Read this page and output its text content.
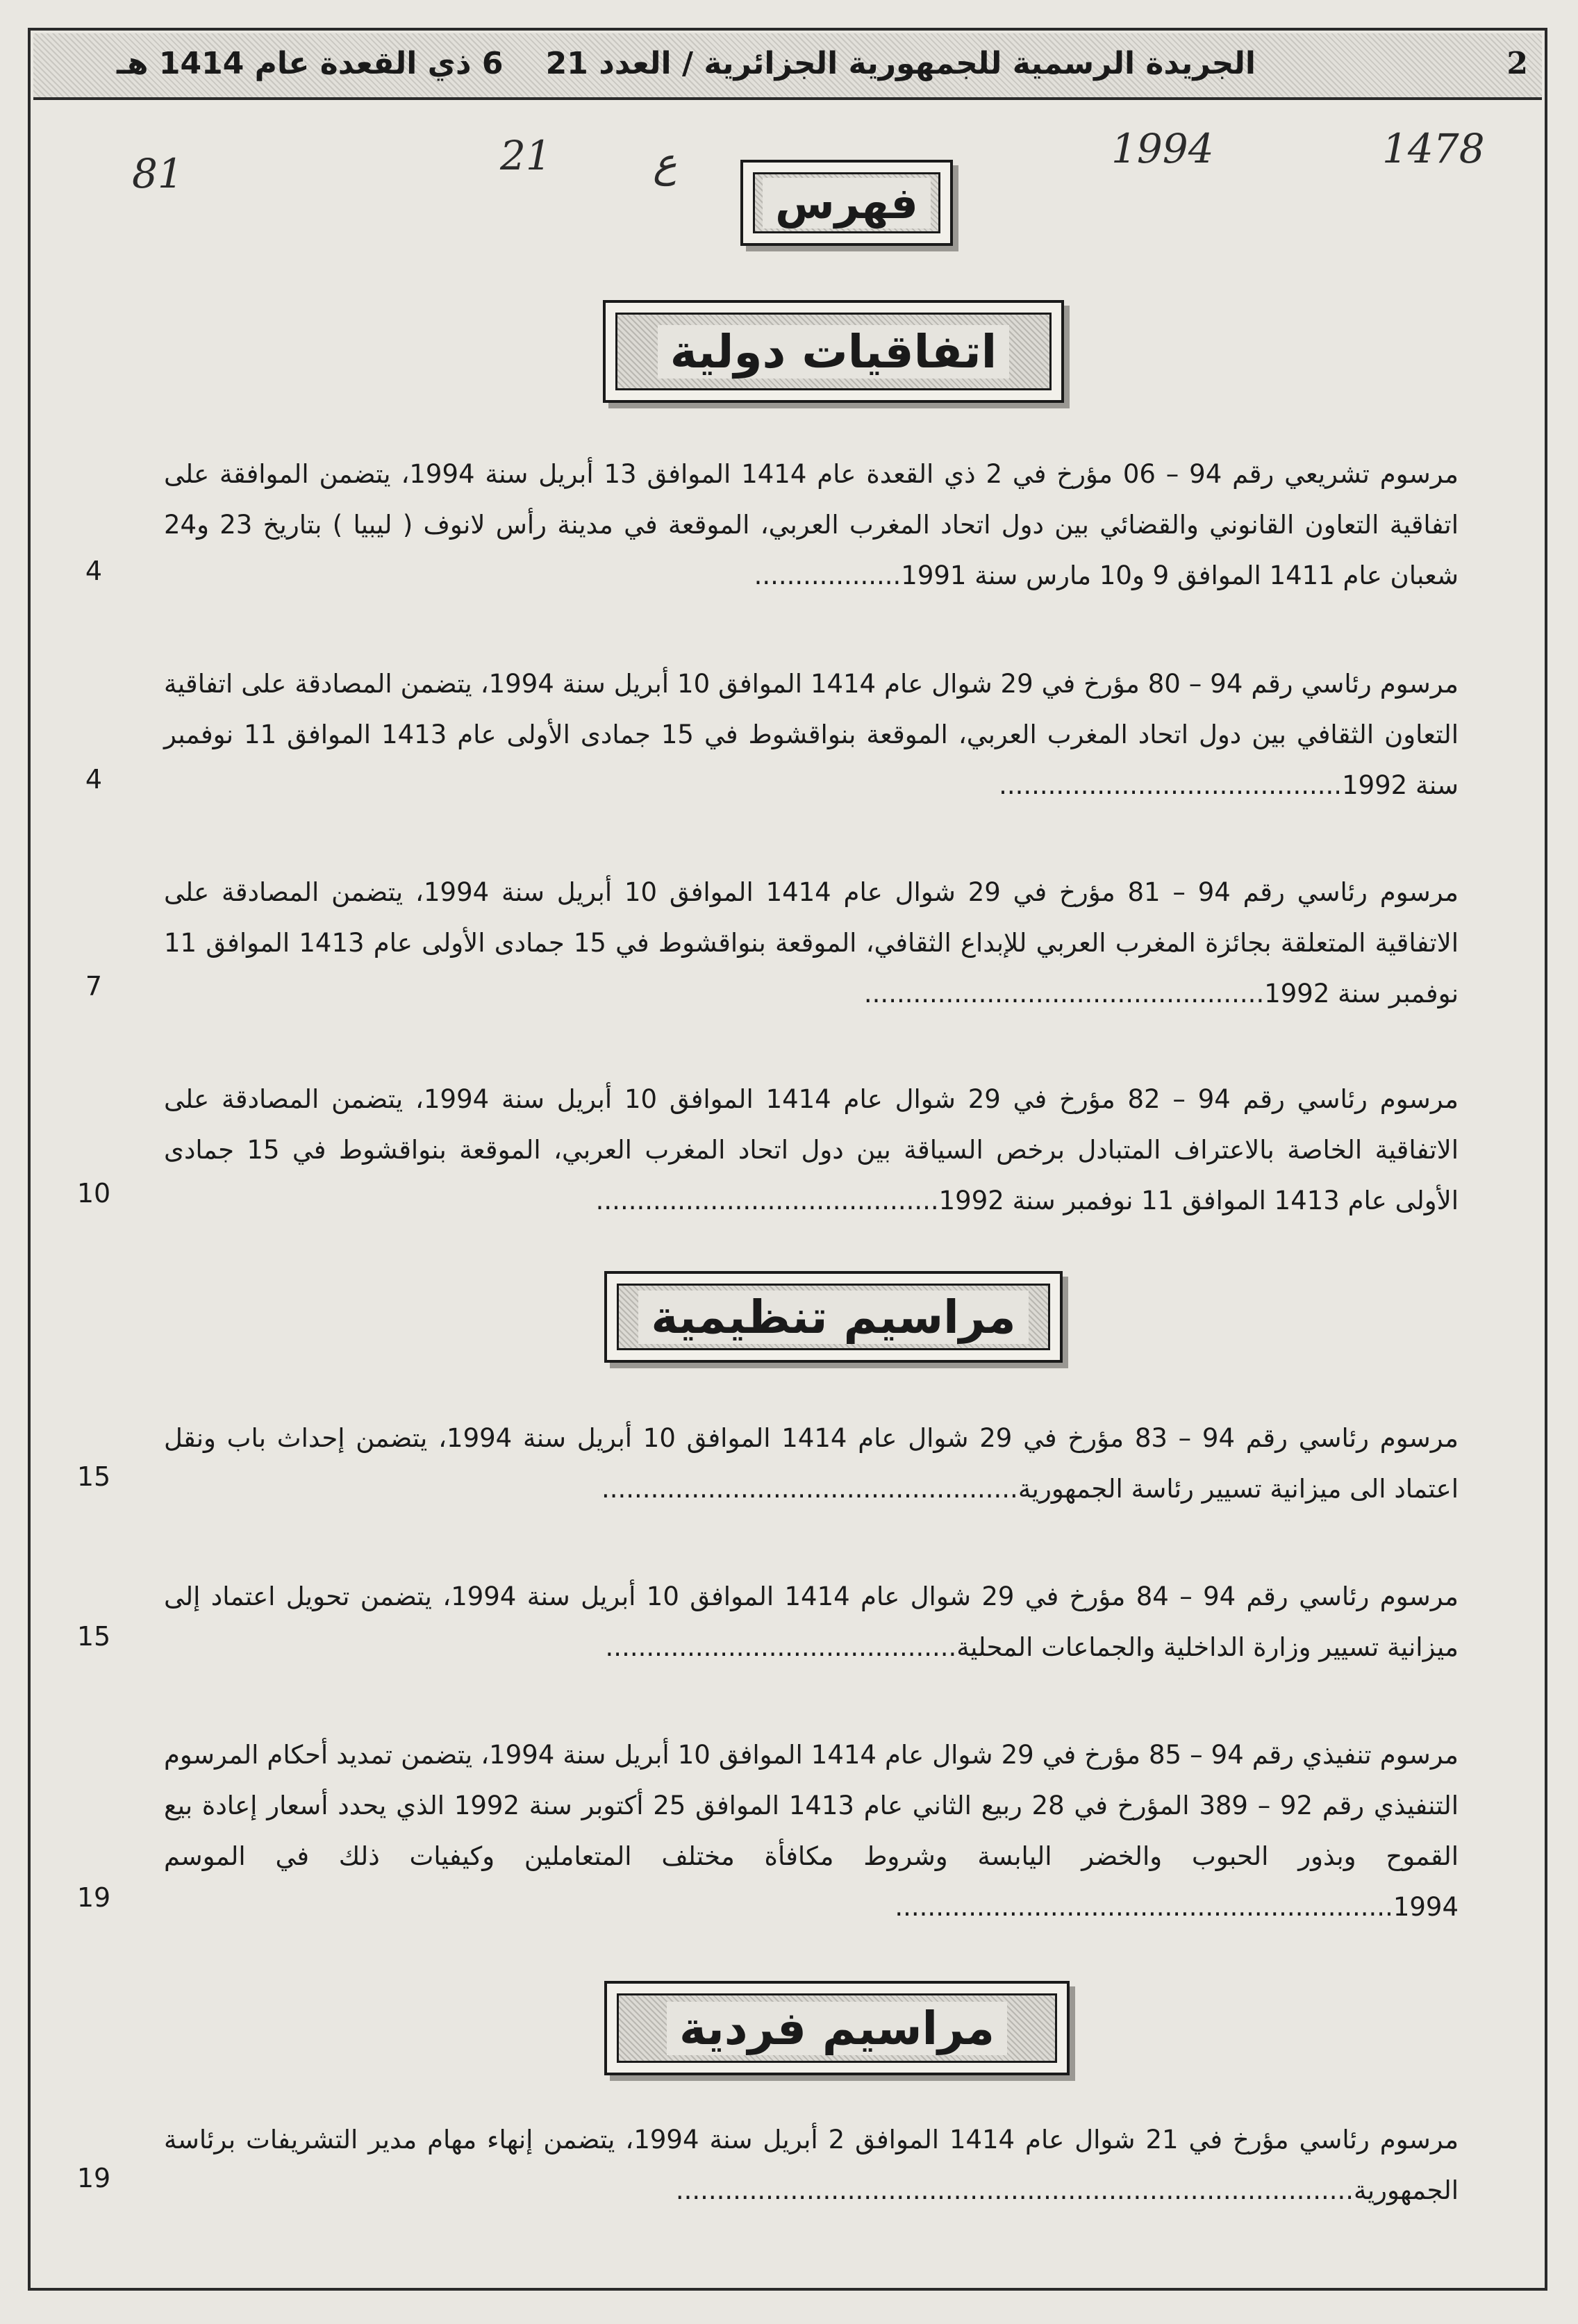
2
الجريدة الرسمية للجمهورية الجزائرية / العدد 21
6 ذي القعدة عام 1414 هـ
1478
1994
ع
21
81
فهرس
اتفاقيات دولية
مرسوم تشريعي رقم 94 – 06 مؤرخ في 2 ذي القعدة عام 1414 الموافق 13 أبريل سنة 1994، يتضمن الموافقة على اتفاقية التعاون القانوني والقضائي بين دول اتحاد المغرب العربي، الموقعة في مدينة رأس لانوف ( ليبيا ) بتاريخ 23 و24 شعبان عام 1411 الموافق 9 و10 مارس سنة 1991..................
4
مرسوم رئاسي رقم 94 – 80 مؤرخ في 29 شوال عام 1414 الموافق 10 أبريل سنة 1994، يتضمن المصادقة على اتفاقية التعاون الثقافي بين دول اتحاد المغرب العربي، الموقعة بنواقشوط في 15 جمادى الأولى عام 1413 الموافق 11 نوفمبر سنة 1992..........................................
4
مرسوم رئاسي رقم 94 – 81 مؤرخ في 29 شوال عام 1414 الموافق 10 أبريل سنة 1994، يتضمن المصادقة على الاتفاقية المتعلقة بجائزة المغرب العربي للإبداع الثقافي، الموقعة بنواقشوط في 15 جمادى الأولى عام 1413 الموافق 11 نوفمبر سنة 1992.................................................
7
مرسوم رئاسي رقم 94 – 82 مؤرخ في 29 شوال عام 1414 الموافق 10 أبريل سنة 1994، يتضمن المصادقة على الاتفاقية الخاصة بالاعتراف المتبادل برخص السياقة بين دول اتحاد المغرب العربي، الموقعة بنواقشوط في 15 جمادى الأولى عام 1413 الموافق 11 نوفمبر سنة 1992..........................................
10
مراسيم تنظيمية
مرسوم رئاسي رقم 94 – 83 مؤرخ في 29 شوال عام 1414 الموافق 10 أبريل سنة 1994، يتضمن إحداث باب ونقل اعتماد الى ميزانية تسيير رئاسة الجمهورية...................................................
15
مرسوم رئاسي رقم 94 – 84 مؤرخ في 29 شوال عام 1414 الموافق 10 أبريل سنة 1994، يتضمن تحويل اعتماد إلى ميزانية تسيير وزارة الداخلية والجماعات المحلية...........................................
15
مرسوم تنفيذي رقم 94 – 85 مؤرخ في 29 شوال عام 1414 الموافق 10 أبريل سنة 1994، يتضمن تمديد أحكام المرسوم التنفيذي رقم 92 – 389 المؤرخ في 28 ربيع الثاني عام 1413 الموافق 25 أكتوبر سنة 1992 الذي يحدد أسعار إعادة بيع القموح وبذور الحبوب والخضر اليابسة وشروط مكافأة مختلف المتعاملين وكيفيات ذلك في الموسم 1994.............................................................
19
مراسيم فردية
مرسوم رئاسي مؤرخ في 21 شوال عام 1414 الموافق 2 أبريل سنة 1994، يتضمن إنهاء مهام مدير التشريفات برئاسة الجمهورية...................................................................................
19
